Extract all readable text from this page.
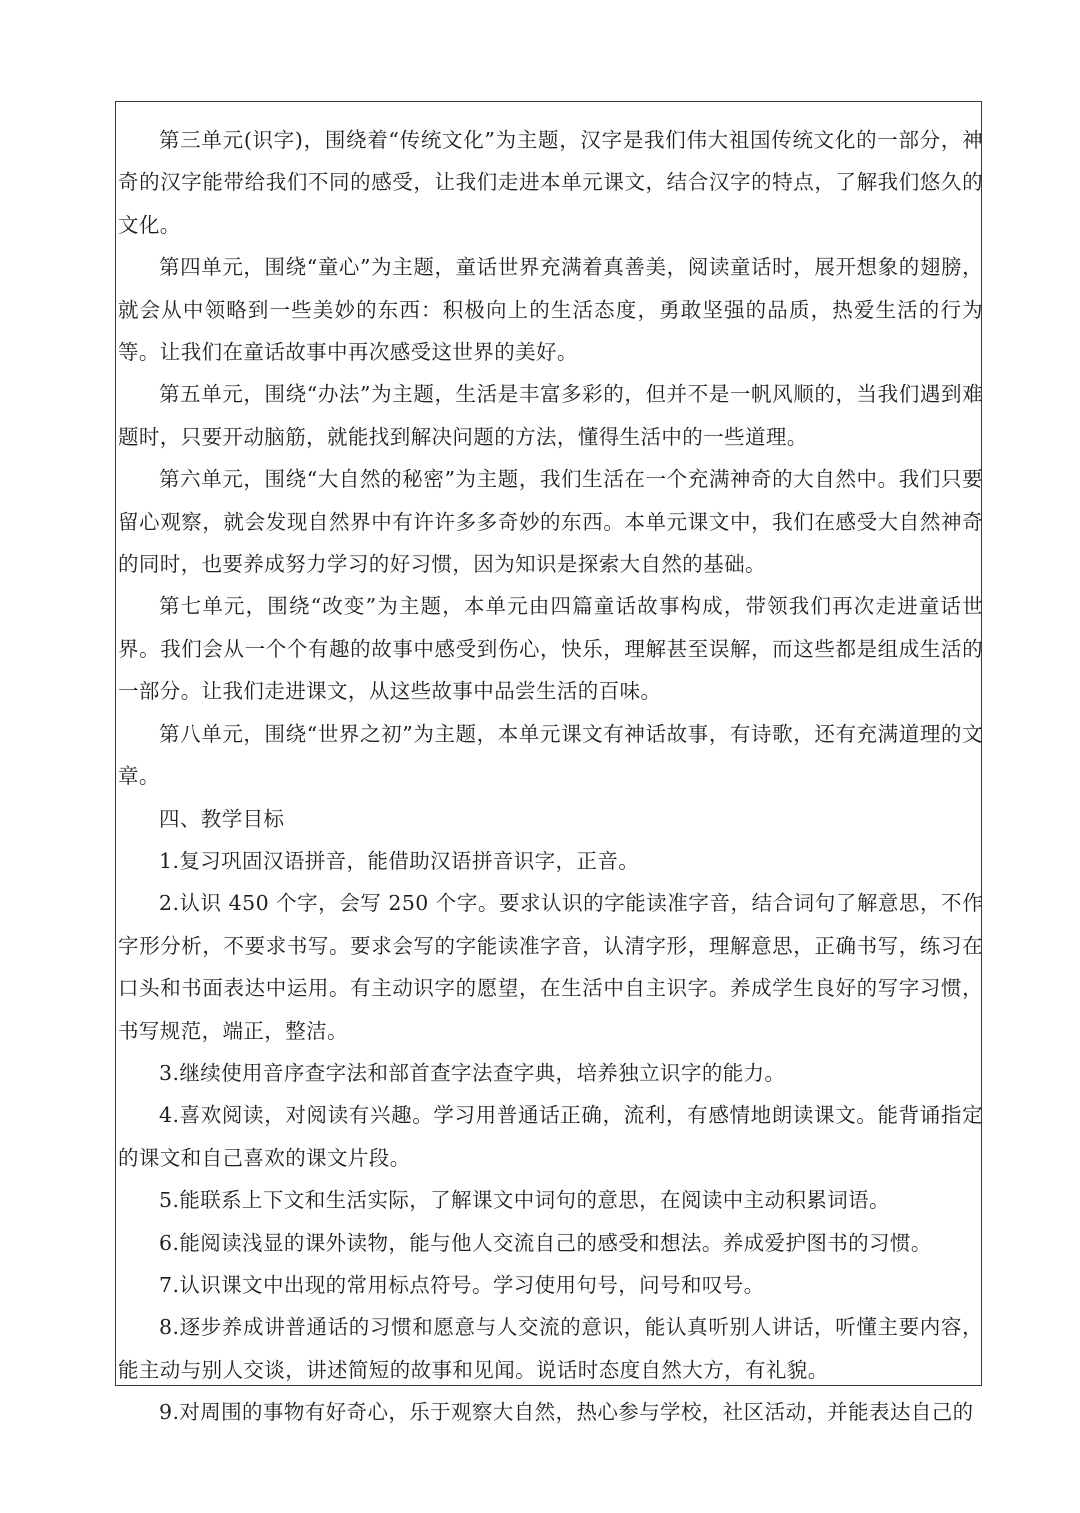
第三单元(识字)，围绕着“传统文化”为主题，汉字是我们伟大祖国传统文化的一部分，神奇的汉字能带给我们不同的感受，让我们走进本单元课文，结合汉字的特点，了解我们悠久的文化。

第四单元，围绕“童心”为主题，童话世界充满着真善美，阅读童话时，展开想象的翅膀，就会从中领略到一些美妙的东西：积极向上的生活态度，勇敢坚强的品质，热爱生活的行为等。让我们在童话故事中再次感受这世界的美好。

第五单元，围绕“办法”为主题，生活是丰富多彩的，但并不是一帆风顺的，当我们遇到难题时，只要开动脑筋，就能找到解决问题的方法，懂得生活中的一些道理。

第六单元，围绕“大自然的秘密”为主题，我们生活在一个充满神奇的大自然中。我们只要留心观察，就会发现自然界中有许许多多奇妙的东西。本单元课文中，我们在感受大自然神奇的同时，也要养成努力学习的好习惯，因为知识是探索大自然的基础。

第七单元，围绕“改变”为主题，本单元由四篇童话故事构成，带领我们再次走进童话世界。我们会从一个个有趣的故事中感受到伤心，快乐，理解甚至误解，而这些都是组成生活的一部分。让我们走进课文，从这些故事中品尝生活的百味。

第八单元，围绕“世界之初”为主题，本单元课文有神话故事，有诗歌，还有充满道理的文章。

四、教学目标

1.复习巩固汉语拼音，能借助汉语拼音识字，正音。

2.认识 450 个字，会写 250 个字。要求认识的字能读准字音，结合词句了解意思，不作字形分析，不要求书写。要求会写的字能读准字音，认清字形，理解意思，正确书写，练习在口头和书面表达中运用。有主动识字的愿望，在生活中自主识字。养成学生良好的写字习惯，书写规范，端正，整洁。

3.继续使用音序查字法和部首查字法查字典，培养独立识字的能力。

4.喜欢阅读，对阅读有兴趣。学习用普通话正确，流利，有感情地朗读课文。能背诵指定的课文和自己喜欢的课文片段。

5.能联系上下文和生活实际，了解课文中词句的意思，在阅读中主动积累词语。

6.能阅读浅显的课外读物，能与他人交流自己的感受和想法。养成爱护图书的习惯。

7.认识课文中出现的常用标点符号。学习使用句号，问号和叹号。

8.逐步养成讲普通话的习惯和愿意与人交流的意识，能认真听别人讲话，听懂主要内容，能主动与别人交谈，讲述简短的故事和见闻。说话时态度自然大方，有礼貌。

9.对周围的事物有好奇心，乐于观察大自然，热心参与学校，社区活动，并能表达自己的
